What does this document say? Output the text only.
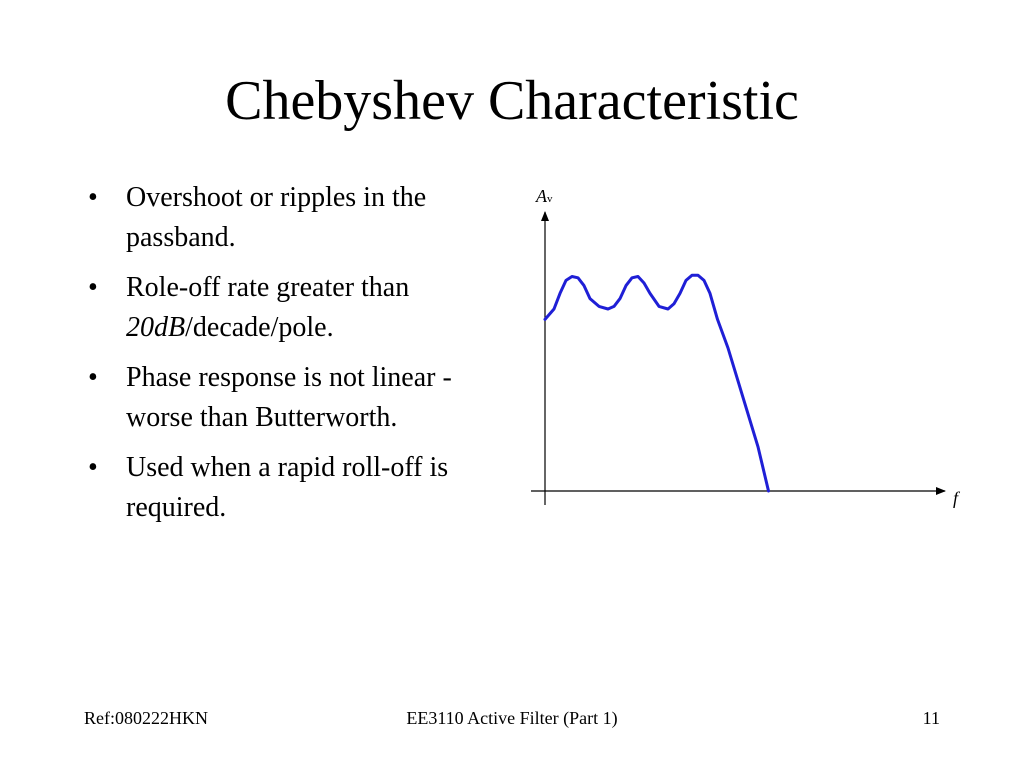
Chebyshev Characteristic
• Overshoot or ripples in the passband.
• Role-off rate greater than 20dB/decade/pole.
• Phase response is not linear - worse than Butterworth.
• Used when a rapid roll-off is required.
Av
f
Ref:080222HKN	EE3110 Active Filter (Part 1)	11
